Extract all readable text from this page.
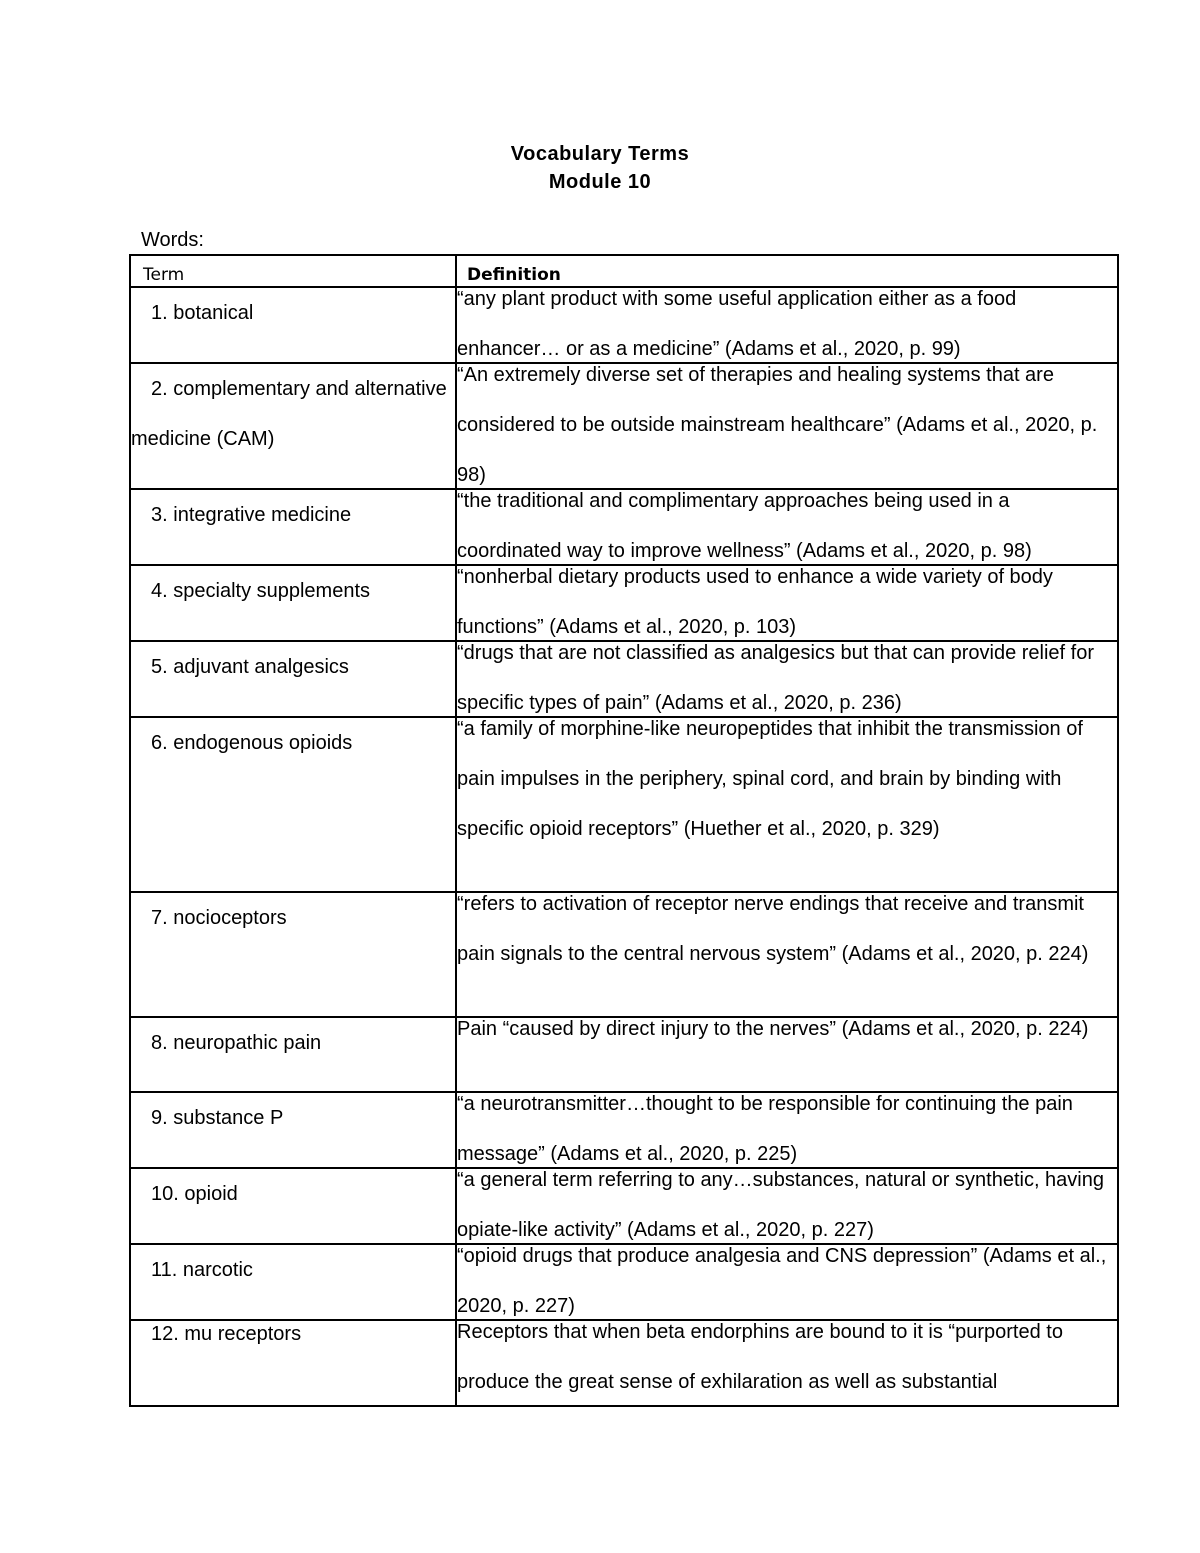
Vocabulary Terms
Module 10
Words:
Term	Definition
1. botanical	“any plant product with some useful application either as a food enhancer… or as a medicine” (Adams et al., 2020, p. 99)

2. complementary and alternative medicine (CAM)	“An extremely diverse set of therapies and healing systems that are considered to be outside mainstream healthcare” (Adams et al., 2020, p. 98)

3. integrative medicine	“the traditional and complimentary approaches being used in a coordinated way to improve wellness” (Adams et al., 2020, p. 98)

4. specialty supplements	“nonherbal dietary products used to enhance a wide variety of body functions” (Adams et al., 2020, p. 103)

5. adjuvant analgesics	“drugs that are not classified as analgesics but that can provide relief for specific types of pain” (Adams et al., 2020, p. 236)

6. endogenous opioids	“a family of morphine-like neuropeptides that inhibit the transmission of pain impulses in the periphery, spinal cord, and brain by binding with specific opioid receptors” (Huether et al., 2020, p. 329)

7. nocioceptors	“refers to activation of receptor nerve endings that receive and transmit pain signals to the central nervous system” (Adams et al., 2020, p. 224)

8. neuropathic pain	Pain “caused by direct injury to the nerves” (Adams et al., 2020, p. 224)

9. substance P	“a neurotransmitter…thought to be responsible for continuing the pain message” (Adams et al., 2020, p. 225)

10. opioid	“a general term referring to any…substances, natural or synthetic, having opiate-like activity” (Adams et al., 2020, p. 227)

11. narcotic	“opioid drugs that produce analgesia and CNS depression” (Adams et al., 2020, p. 227)

12. mu receptors	Receptors that when beta endorphins are bound to it is “purported to produce the great sense of exhilaration as well as substantial
